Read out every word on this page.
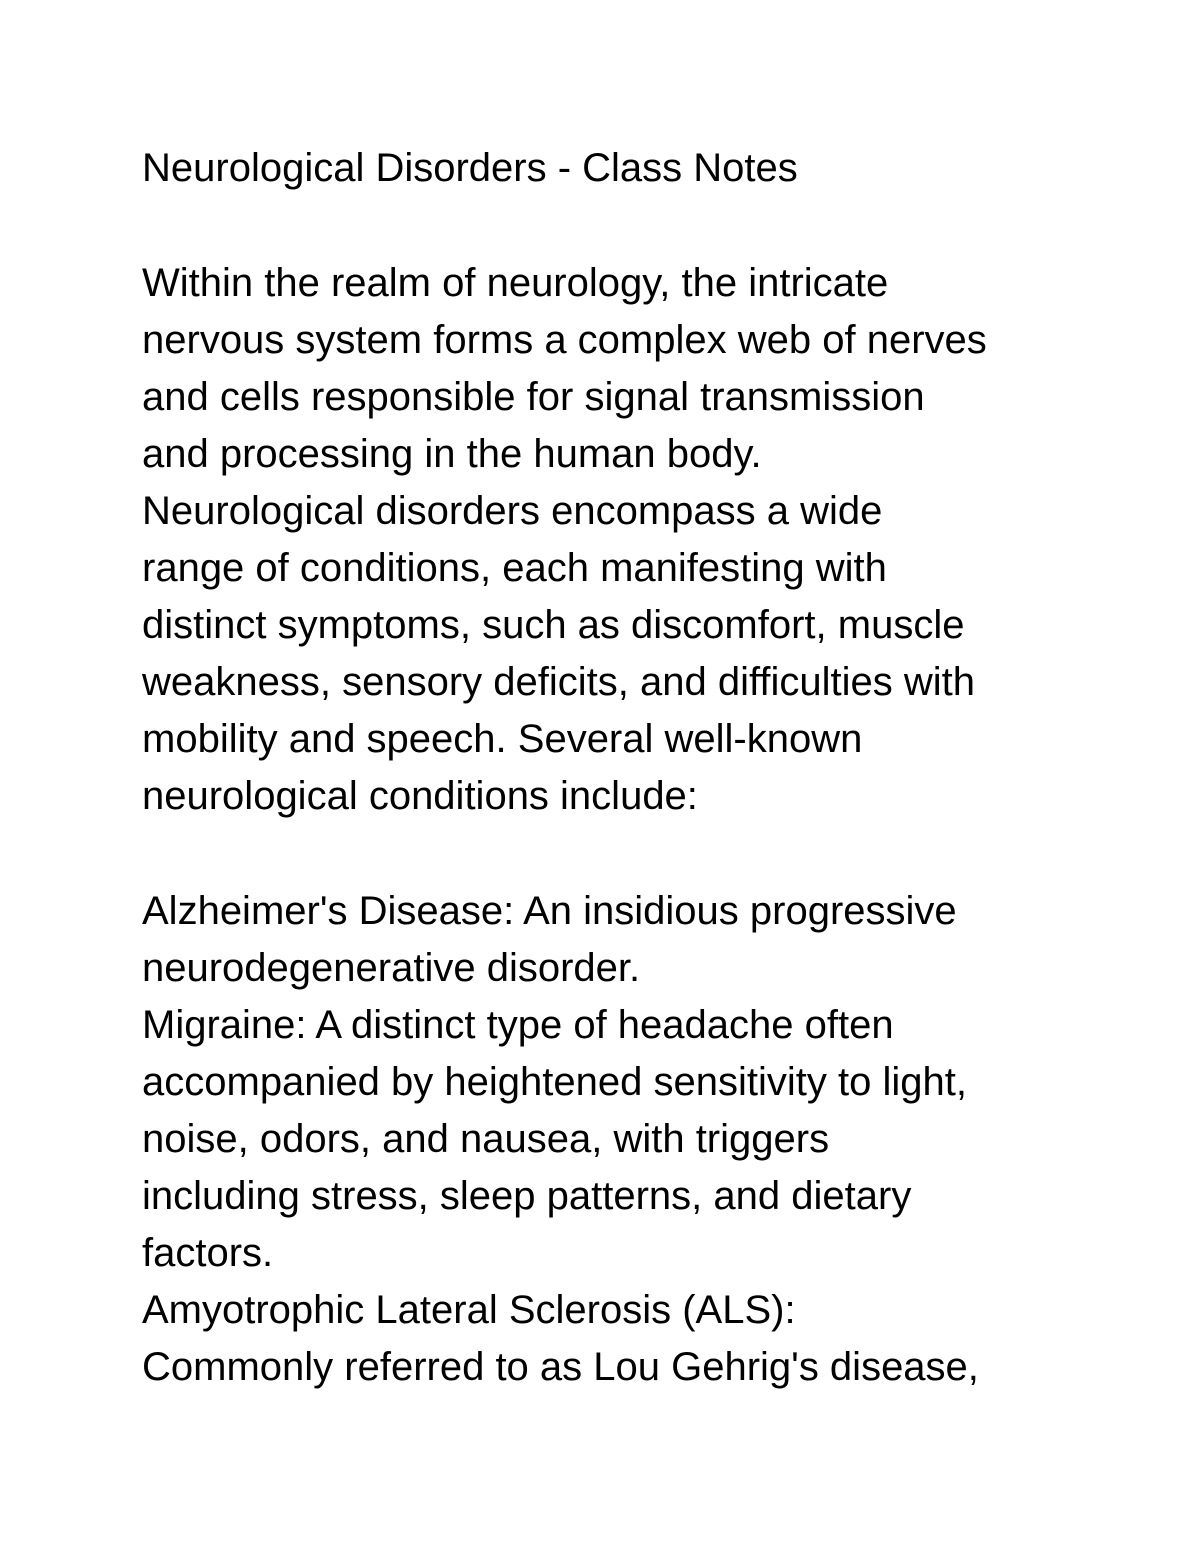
Neurological Disorders - Class Notes
Within the realm of neurology, the intricate
nervous system forms a complex web of nerves
and cells responsible for signal transmission
and processing in the human body.
Neurological disorders encompass a wide
range of conditions, each manifesting with
distinct symptoms, such as discomfort, muscle
weakness, sensory deficits, and difficulties with
mobility and speech. Several well-known
neurological conditions include:
Alzheimer's Disease: An insidious progressive
neurodegenerative disorder.
Migraine: A distinct type of headache often
accompanied by heightened sensitivity to light,
noise, odors, and nausea, with triggers
including stress, sleep patterns, and dietary
factors.
Amyotrophic Lateral Sclerosis (ALS):
Commonly referred to as Lou Gehrig's disease,
